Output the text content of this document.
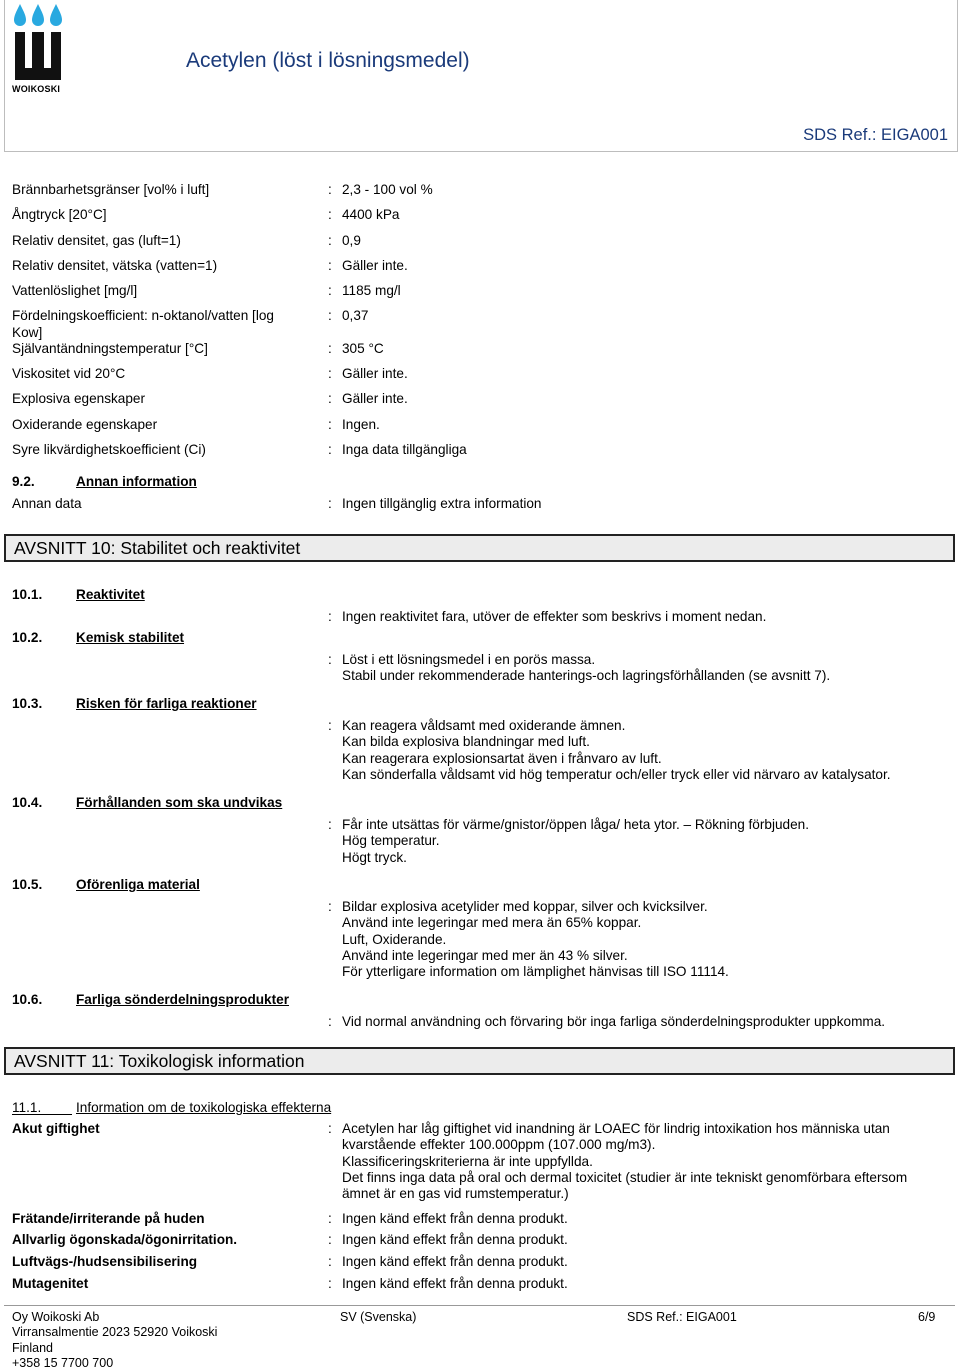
WOIKOSKI
Acetylen (löst i lösningsmedel)
SDS Ref.: EIGA001
Brännbarhetsgränser [vol% i luft]	: 2,3 - 100 vol %
Ångtryck [20°C]	: 4400 kPa
Relativ densitet, gas (luft=1)	: 0,9
Relativ densitet, vätska (vatten=1)	: Gäller inte.
Vattenlöslighet [mg/l]	: 1185 mg/l
Fördelningskoefficient: n-oktanol/vatten [log Kow]
: 0,37
Självantändningstemperatur [°C]	: 305 °C
Viskositet vid 20°C	: Gäller inte.
Explosiva egenskaper	: Gäller inte.
Oxiderande egenskaper	: Ingen.
Syre likvärdighetskoefficient (Ci)	: Inga data tillgängliga
9.2.	Annan information
Annan data	: Ingen tillgänglig extra information
AVSNITT 10: Stabilitet och reaktivitet
10.1. Reaktivitet
: Ingen reaktivitet fara, utöver de effekter som beskrivs i moment nedan.
10.2. Kemisk stabilitet
: Löst i ett lösningsmedel i en porös massa.
Stabil under rekommenderade hanterings-och lagringsförhållanden (se avsnitt 7).
10.3. Risken för farliga reaktioner
: Kan reagera våldsamt med oxiderande ämnen.
Kan bilda explosiva blandningar med luft.
Kan reagerara explosionsartat även i frånvaro av luft.
Kan sönderfalla våldsamt vid hög temperatur och/eller tryck eller vid närvaro av katalysator.
10.4. Förhållanden som ska undvikas
: Får inte utsättas för värme/gnistor/öppen låga/ heta ytor. – Rökning förbjuden.
Hög temperatur.
Högt tryck.
10.5. Oförenliga material
: Bildar explosiva acetylider med koppar, silver och kvicksilver.
Använd inte legeringar med mera än 65% koppar.
Luft, Oxiderande.
Använd inte legeringar med mer än 43 % silver.
För ytterligare information om lämplighet hänvisas till ISO 11114.
10.6. Farliga sönderdelningsprodukter
: Vid normal användning och förvaring bör inga farliga sönderdelningsprodukter uppkomma.
AVSNITT 11: Toxikologisk information
11.1.	Information om de toxikologiska effekterna
Akut giftighet	: Acetylen har låg giftighet vid inandning är LOAEC för lindrig intoxikation hos människa utan
kvarstående effekter 100.000ppm (107.000 mg/m3).
Klassificeringskriterierna är inte uppfyllda.
Det finns inga data på oral och dermal toxicitet (studier är inte tekniskt genomförbara eftersom
ämnet är en gas vid rumstemperatur.)
Frätande/irriterande på huden	: Ingen känd effekt från denna produkt.
Allvarlig ögonskada/ögonirritation.	: Ingen känd effekt från denna produkt.
Luftvägs-/hudsensibilisering	: Ingen känd effekt från denna produkt.
Mutagenitet	: Ingen känd effekt från denna produkt.
Oy Woikoski Ab
Virransalmentie 2023 52920 Voikoski
Finland
+358 15 7700 700
SV (Svenska)	SDS Ref.: EIGA001	6/9
